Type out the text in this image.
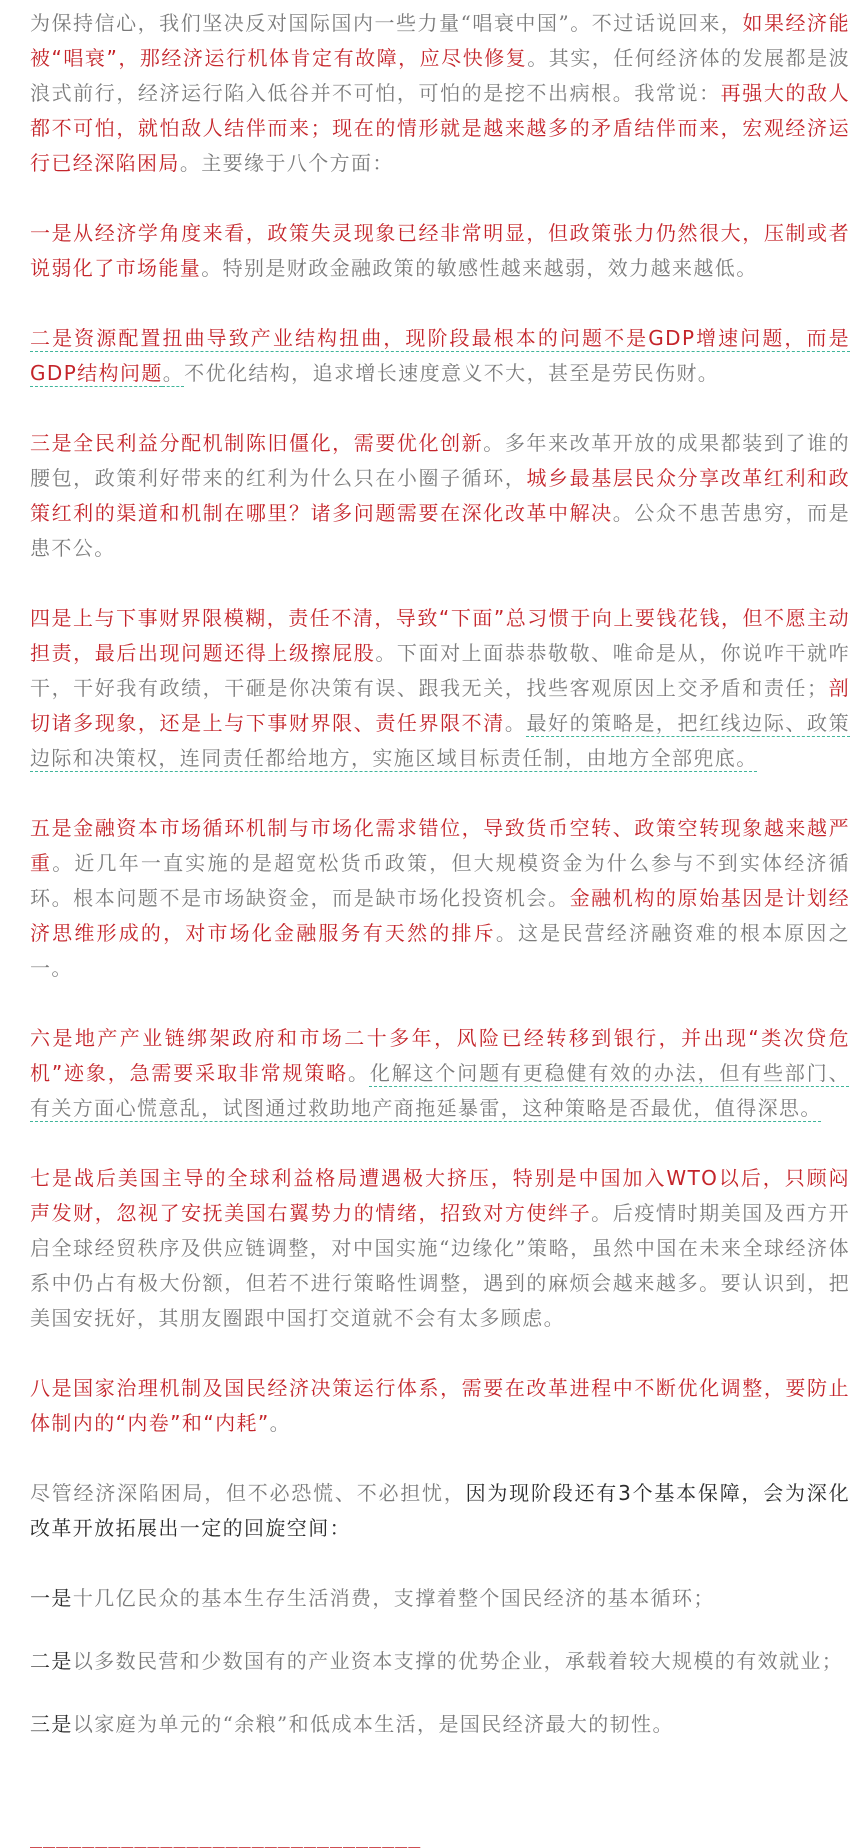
为保持信心，我们坚决反对国际国内一些力量“唱衰中国”。不过话说回来，如果经济能被“唱衰”，那经济运行机体肯定有故障，应尽快修复。其实，任何经济体的发展都是波浪式前行，经济运行陷入低谷并不可怕，可怕的是挖不出病根。我常说：再强大的敌人都不可怕，就怕敌人结伴而来；现在的情形就是越来越多的矛盾结伴而来，宏观经济运行已经深陷困局。主要缘于八个方面：

一是从经济学角度来看，政策失灵现象已经非常明显，但政策张力仍然很大，压制或者说弱化了市场能量。特别是财政金融政策的敏感性越来越弱，效力越来越低。

二是资源配置扭曲导致产业结构扭曲，现阶段最根本的问题不是GDP增速问题，而是GDP结构问题。不优化结构，追求增长速度意义不大，甚至是劳民伤财。

三是全民利益分配机制陈旧僵化，需要优化创新。多年来改革开放的成果都装到了谁的腰包，政策利好带来的红利为什么只在小圈子循环，城乡最基层民众分享改革红利和政策红利的渠道和机制在哪里？诸多问题需要在深化改革中解决。公众不患苦患穷，而是患不公。

四是上与下事财界限模糊，责任不清，导致“下面”总习惯于向上要钱花钱，但不愿主动担责，最后出现问题还得上级擦屁股。下面对上面恭恭敬敬、唯命是从，你说咋干就咋干，干好我有政绩，干砸是你决策有误、跟我无关，找些客观原因上交矛盾和责任；剖切诸多现象，还是上与下事财界限、责任界限不清。最好的策略是，把红线边际、政策边际和决策权，连同责任都给地方，实施区域目标责任制，由地方全部兜底。

五是金融资本市场循环机制与市场化需求错位，导致货币空转、政策空转现象越来越严重。近几年一直实施的是超宽松货币政策，但大规模资金为什么参与不到实体经济循环。根本问题不是市场缺资金，而是缺市场化投资机会。金融机构的原始基因是计划经济思维形成的，对市场化金融服务有天然的排斥。这是民营经济融资难的根本原因之一。

六是地产产业链绑架政府和市场二十多年，风险已经转移到银行，并出现“类次贷危机”迹象，急需要采取非常规策略。化解这个问题有更稳健有效的办法，但有些部门、有关方面心慌意乱，试图通过救助地产商拖延暴雷，这种策略是否最优，值得深思。

七是战后美国主导的全球利益格局遭遇极大挤压，特别是中国加入WTO以后，只顾闷声发财，忽视了安抚美国右翼势力的情绪，招致对方使绊子。后疫情时期美国及西方开启全球经贸秩序及供应链调整，对中国实施“边缘化”策略，虽然中国在未来全球经济体系中仍占有极大份额，但若不进行策略性调整，遇到的麻烦会越来越多。要认识到，把美国安抚好，其朋友圈跟中国打交道就不会有太多顾虑。

八是国家治理机制及国民经济决策运行体系，需要在改革进程中不断优化调整，要防止体制内的“内卷”和“内耗”。

尽管经济深陷困局，但不必恐慌、不必担忧，因为现阶段还有3个基本保障，会为深化改革开放拓展出一定的回旋空间：

一是十几亿民众的基本生存生活消费，支撑着整个国民经济的基本循环；

二是以多数民营和少数国有的产业资本支撑的优势企业，承载着较大规模的有效就业；

三是以家庭为单元的“余粮”和低成本生活，是国民经济最大的韧性。

______________________________
